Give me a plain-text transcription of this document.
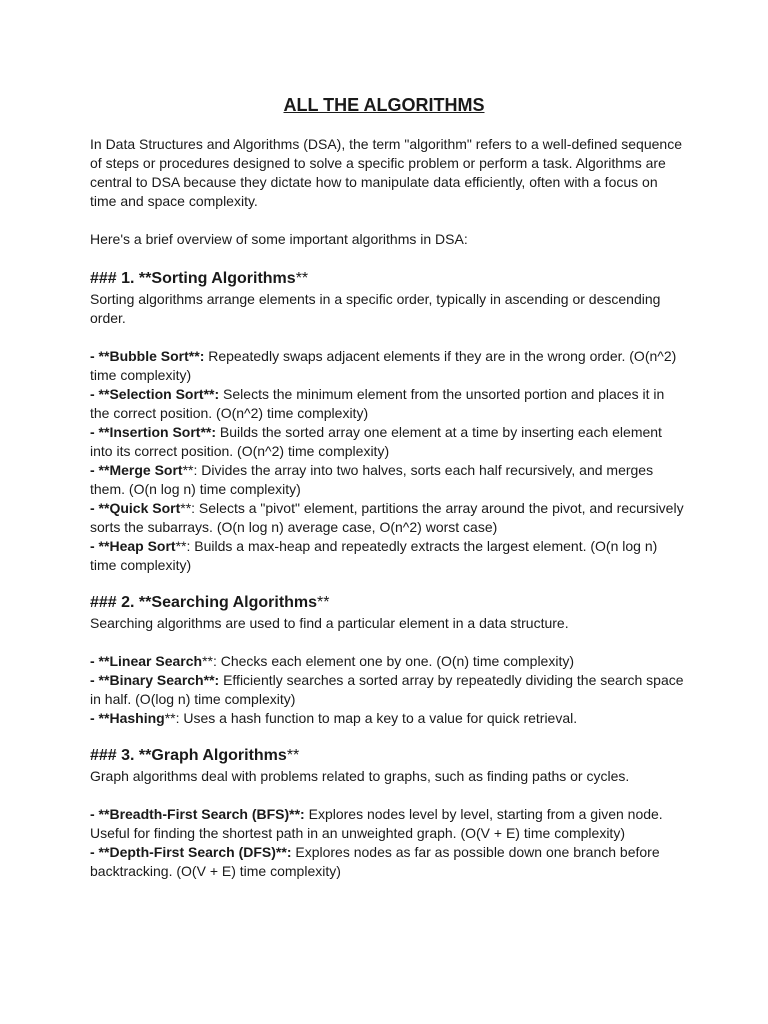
ALL THE ALGORITHMS

In Data Structures and Algorithms (DSA), the term "algorithm" refers to a well-defined sequence of steps or procedures designed to solve a specific problem or perform a task. Algorithms are central to DSA because they dictate how to manipulate data efficiently, often with a focus on time and space complexity.

Here's a brief overview of some important algorithms in DSA:

### 1. **Sorting Algorithms**

Sorting algorithms arrange elements in a specific order, typically in ascending or descending order.

- **Bubble Sort**: Repeatedly swaps adjacent elements if they are in the wrong order. (O(n^2) time complexity)

- **Selection Sort**: Selects the minimum element from the unsorted portion and places it in the correct position. (O(n^2) time complexity)

- **Insertion Sort**: Builds the sorted array one element at a time by inserting each element into its correct position. (O(n^2) time complexity)

- **Merge Sort**: Divides the array into two halves, sorts each half recursively, and merges them. (O(n log n) time complexity)

- **Quick Sort**: Selects a "pivot" element, partitions the array around the pivot, and recursively sorts the subarrays. (O(n log n) average case, O(n^2) worst case)

- **Heap Sort**: Builds a max-heap and repeatedly extracts the largest element. (O(n log n) time complexity)

### 2. **Searching Algorithms**

Searching algorithms are used to find a particular element in a data structure.

- **Linear Search**: Checks each element one by one. (O(n) time complexity)

- **Binary Search**: Efficiently searches a sorted array by repeatedly dividing the search space in half. (O(log n) time complexity)

- **Hashing**: Uses a hash function to map a key to a value for quick retrieval.

### 3. **Graph Algorithms**

Graph algorithms deal with problems related to graphs, such as finding paths or cycles.

- **Breadth-First Search (BFS)**: Explores nodes level by level, starting from a given node. Useful for finding the shortest path in an unweighted graph. (O(V + E) time complexity)

- **Depth-First Search (DFS)**: Explores nodes as far as possible down one branch before backtracking. (O(V + E) time complexity)
